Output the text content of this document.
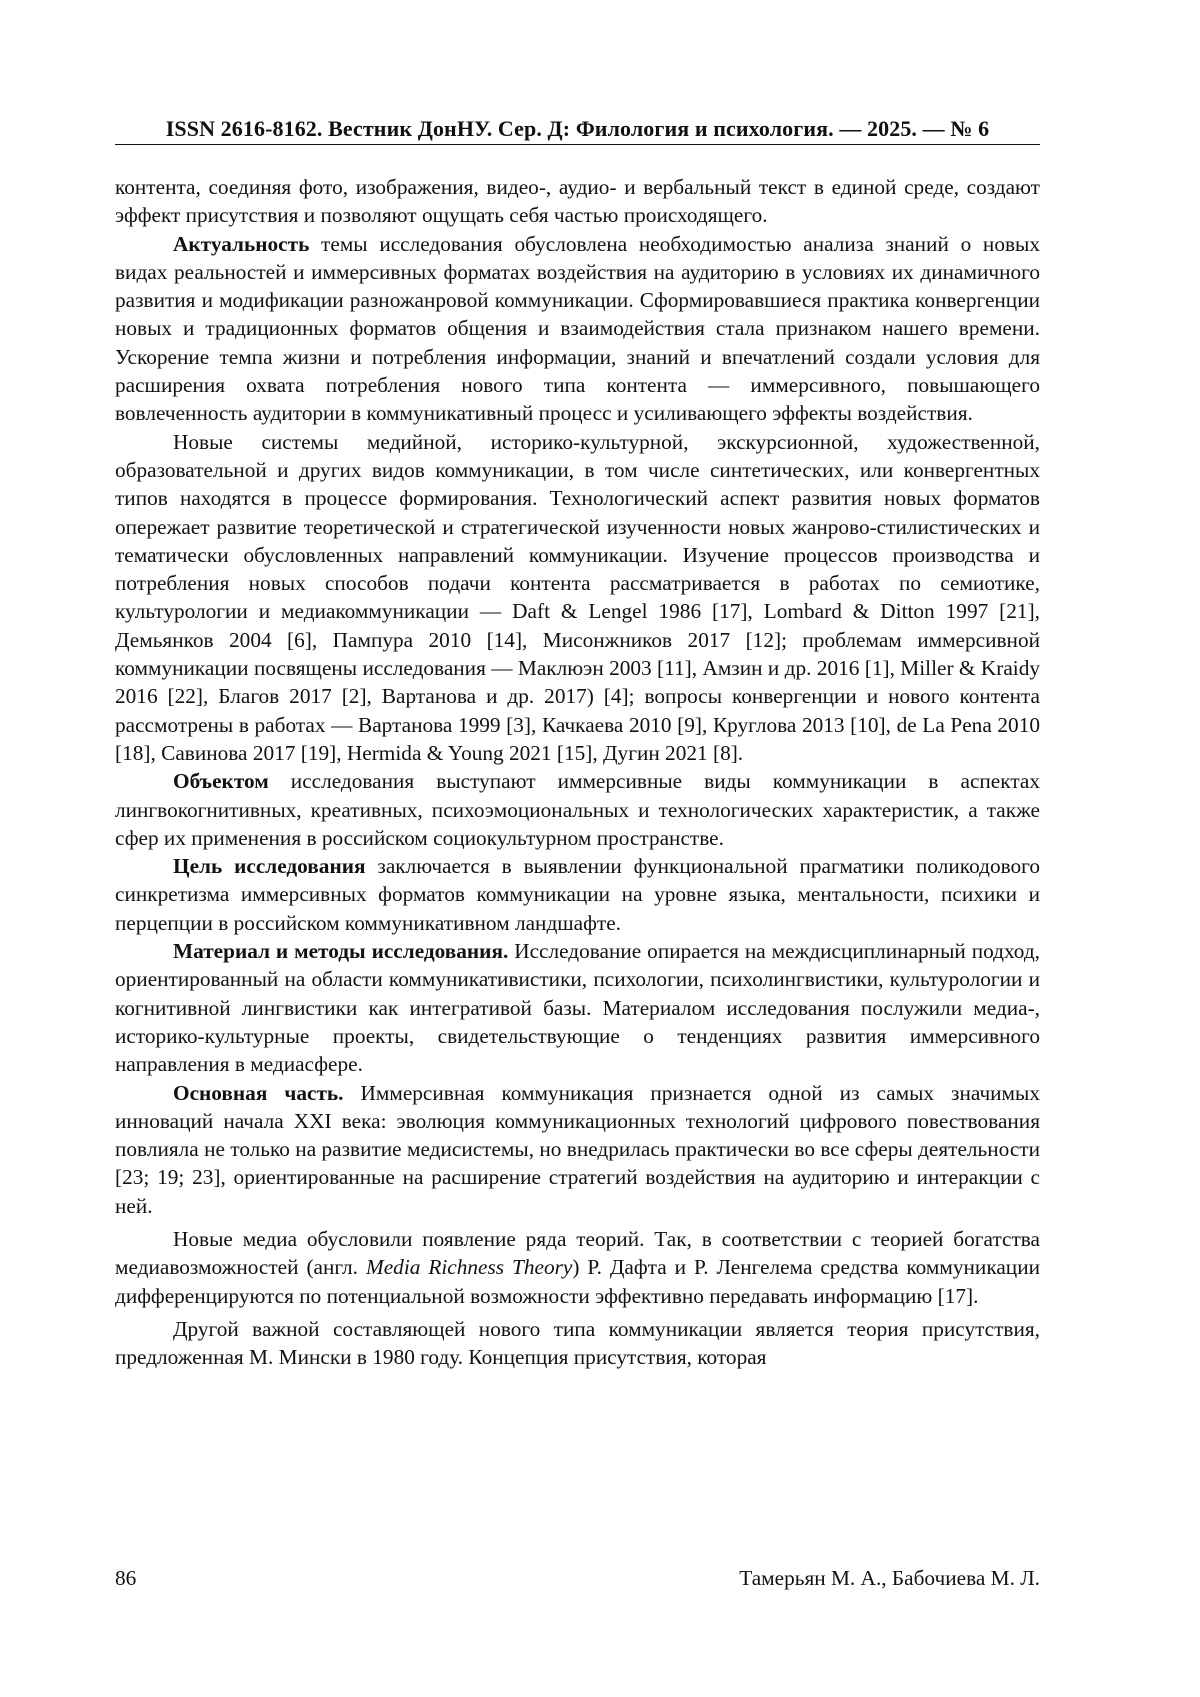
ISSN 2616-8162. Вестник ДонНУ. Сер. Д: Филология и психология. — 2025. — № 6

контента, соединяя фото, изображения, видео-, аудио- и вербальный текст в единой среде, создают эффект присутствия и позволяют ощущать себя частью происходящего.

Актуальность темы исследования обусловлена необходимостью анализа знаний о новых видах реальностей и иммерсивных форматах воздействия на аудиторию в условиях их динамичного развития и модификации разножанровой коммуникации. Сформировавшиеся практика конвергенции новых и традиционных форматов общения и взаимодействия стала признаком нашего времени. Ускорение темпа жизни и потребления информации, знаний и впечатлений создали условия для расширения охвата потребления нового типа контента — иммерсивного, повышающего вовлеченность аудитории в коммуникативный процесс и усиливающего эффекты воздействия.

Новые системы медийной, историко-культурной, экскурсионной, художественной, образовательной и других видов коммуникации, в том числе синтетических, или конвергентных типов находятся в процессе формирования. Технологический аспект развития новых форматов опережает развитие теоретической и стратегической изученности новых жанрово-стилистических и тематически обусловленных направлений коммуникации. Изучение процессов производства и потребления новых способов подачи контента рассматривается в работах по семиотике, культурологии и медиакоммуникации — Daft & Lengel 1986 [17], Lombard & Ditton 1997 [21], Демьянков 2004 [6], Пампура 2010 [14], Мисонжников 2017 [12]; проблемам иммерсивной коммуникации посвящены исследования — Маклюэн 2003 [11], Амзин и др. 2016 [1], Miller & Kraidy 2016 [22], Благов 2017 [2], Вартанова и др. 2017) [4]; вопросы конвергенции и нового контента рассмотрены в работах — Вартанова 1999 [3], Качкаева 2010 [9], Круглова 2013 [10], de La Pena 2010 [18], Савинова 2017 [19], Hermida & Young 2021 [15], Дугин 2021 [8].

Объектом исследования выступают иммерсивные виды коммуникации в аспектах лингвокогнитивных, креативных, психоэмоциональных и технологических характеристик, а также сфер их применения в российском социокультурном пространстве.

Цель исследования заключается в выявлении функциональной прагматики поликодового синкретизма иммерсивных форматов коммуникации на уровне языка, ментальности, психики и перцепции в российском коммуникативном ландшафте.

Материал и методы исследования. Исследование опирается на междисциплинарный подход, ориентированный на области коммуникативистики, психологии, психолингвистики, культурологии и когнитивной лингвистики как интегративой базы. Материалом исследования послужили медиа-, историко-культурные проекты, свидетельствующие о тенденциях развития иммерсивного направления в медиасфере.

Основная часть. Иммерсивная коммуникация признается одной из самых значимых инноваций начала XXI века: эволюция коммуникационных технологий цифрового повествования повлияла не только на развитие медисистемы, но внедрилась практически во все сферы деятельности [23; 19; 23], ориентированные на расширение стратегий воздействия на аудиторию и интеракции с ней.

Новые медиа обусловили появление ряда теорий. Так, в соответствии с теорией богатства медиавозможностей (англ. Media Richness Theory) Р. Дафта и Р. Ленгелема средства коммуникации дифференцируются по потенциальной возможности эффективно передавать информацию [17].

Другой важной составляющей нового типа коммуникации является теория присутствия, предложенная М. Мински в 1980 году. Концепция присутствия, которая

86	Тамерьян М. А., Бабочиева М. Л.
